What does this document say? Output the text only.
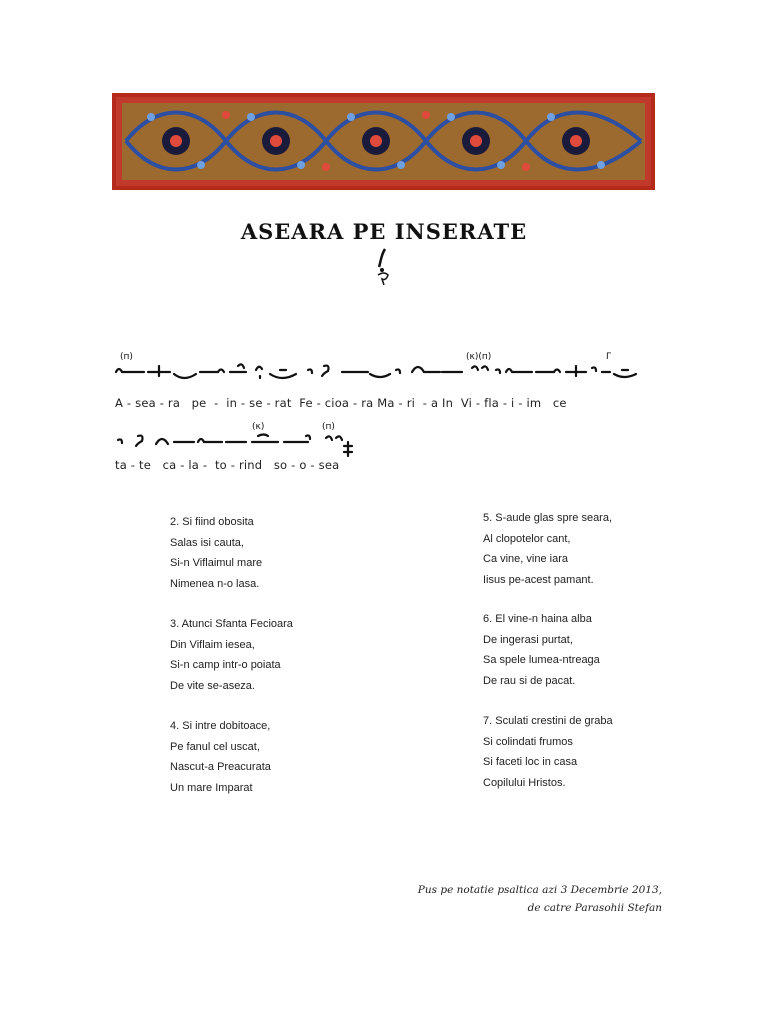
ASEARA PE INSERATE
(п)	(κ)(п)	Г
A - sea - ra   pe  -  in - se - rat  Fe - cioa - ra Ma - ri  - a In  Vi - fla - i - im   ce
(κ)	(п)
ta - te   ca - la -  to - rind   so - o - sea
2. Si fiind obosita
Salas isi cauta,
Si-n Viflaimul mare
Nimenea n-o lasa.
3. Atunci Sfanta Fecioara
Din Viflaim iesea,
Si-n camp intr-o poiata
De vite se-aseza.
4. Si intre dobitoace,
Pe fanul cel uscat,
Nascut-a Preacurata
Un mare Imparat
5. S-aude glas spre seara,
Al clopotelor cant,
Ca vine, vine iara
Iisus pe-acest pamant.
6. El vine-n haina alba
De ingerasi purtat,
Sa spele lumea-ntreaga
De rau si de pacat.
7. Sculati crestini de graba
Si colindati frumos
Si faceti loc in casa
Copilului Hristos.
Pus pe notatie psaltica azi 3 Decembrie 2013,
de catre Parasohii Stefan
